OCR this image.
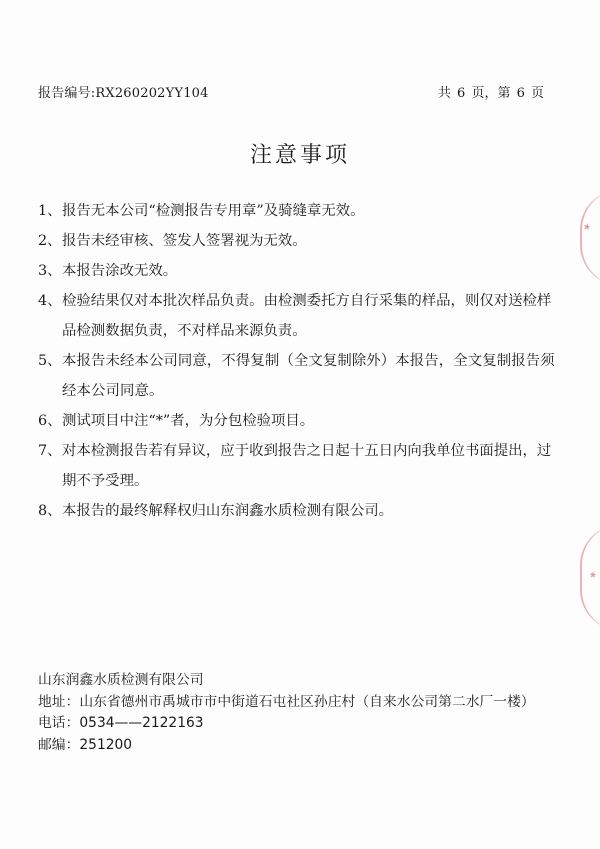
报告编号:RX260202YY104	共 6 页，第 6 页
注意事项
1、 报告无本公司“检测报告专用章”及骑缝章无效。
2、 报告未经审核、签发人签署视为无效。
3、 本报告涂改无效。
4、 检验结果仅对本批次样品负责。由检测委托方自行采集的样品，则仅对送检样品检测数据负责，不对样品来源负责。
5、 本报告未经本公司同意，不得复制（全文复制除外）本报告，全文复制报告须经本公司同意。
6、 测试项目中注“*”者，为分包检验项目。
7、 对本检测报告若有异议，应于收到报告之日起十五日内向我单位书面提出，过期不予受理。
8、 本报告的最终解释权归山东润鑫水质检测有限公司。
山东润鑫水质检测有限公司
地址： 山东省德州市禹城市市中街道石屯社区孙庄村（自来水公司第二水厂一楼）
电话： 0534——2122163
邮编： 251200
★
★
